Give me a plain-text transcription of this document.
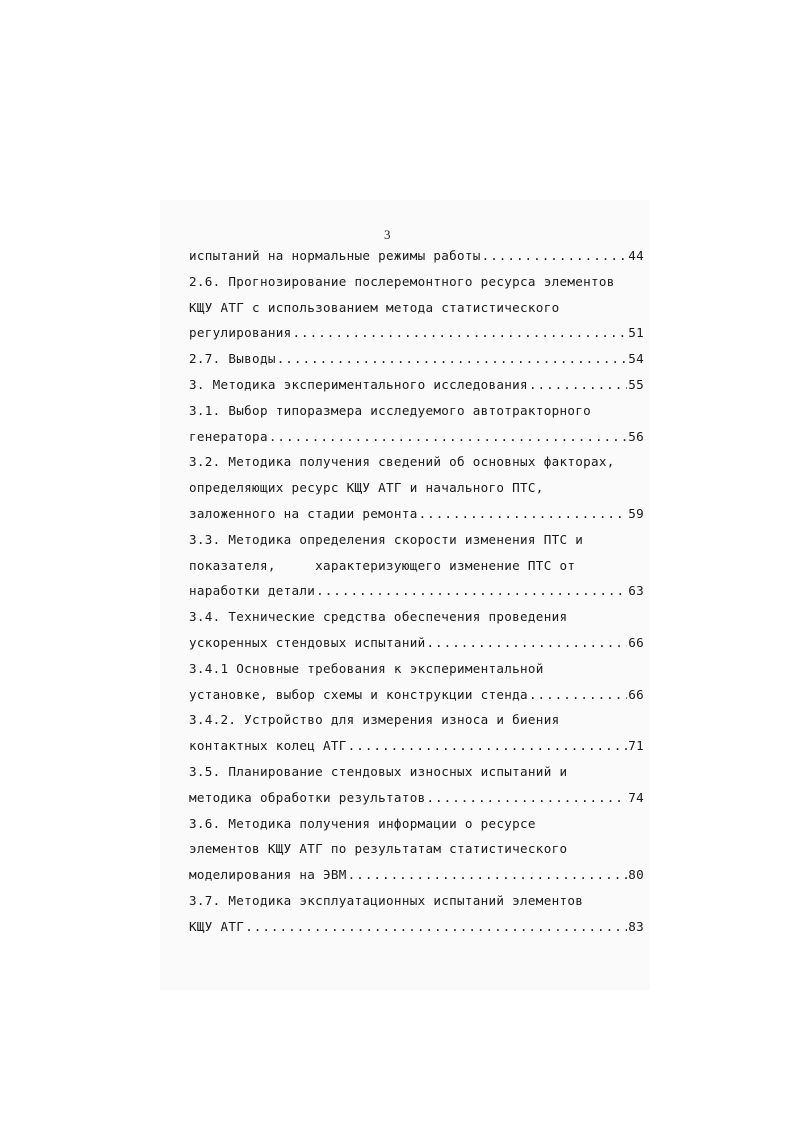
3
испытаний на нормальные режимы работы .....	44
2.6. Прогнозирование послеремонтного ресурса элементов
КЩУ АТГ с использованием метода статистического
регулирования .....	51
2.7. Выводы .....	54
3. Методика экспериментального исследования .....	55
3.1. Выбор типоразмера исследуемого автотракторного
генератора .....	56
3.2. Методика получения сведений об основных факторах,
определяющих ресурс КЩУ АТГ и начального ПТС,
заложенного на стадии ремонта .....	59
3.3. Методика определения скорости изменения ПТС и
показателя,     характеризующего изменение ПТС от
наработки детали .....	63
3.4. Технические средства обеспечения проведения
ускоренных стендовых испытаний .....	66
3.4.1 Основные требования к экспериментальной
установке, выбор схемы и конструкции стенда .....	66
3.4.2. Устройство для измерения износа и биения
контактных колец АТГ .....	71
3.5. Планирование стендовых износных испытаний и
методика обработки результатов .....	74
3.6. Методика получения информации о ресурсе
элементов КЩУ АТГ по результатам статистического
моделирования на ЭВМ .....	80
3.7. Методика эксплуатационных испытаний элементов
КЩУ АТГ .....	83
